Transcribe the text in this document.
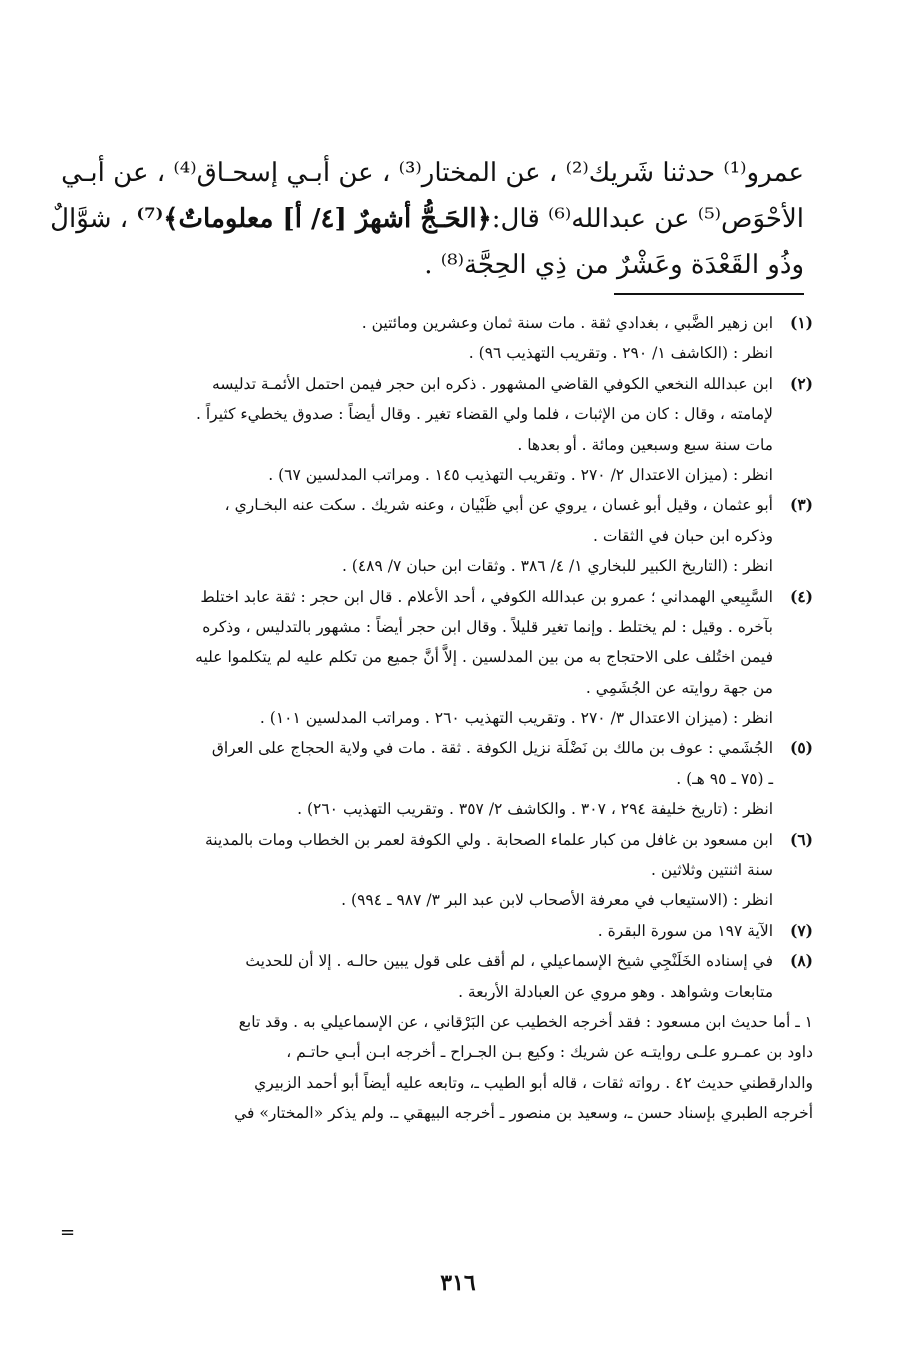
عمرو⁽¹⁾ حدثنا شَريك⁽²⁾ ، عن المختار⁽³⁾ ، عن أبـي إسحـاق⁽⁴⁾ ، عن أبـي
الأحْوَص⁽⁵⁾ عن عبدالله⁽⁶⁾ قال:﴿الحَـجُّ أشهرٌ [٤/ أ] معلوماتٌ﴾⁽⁷⁾ ، شوَّالٌ
وذُو القَعْدَة وعَشْرٌ من ذِي الحِجَّة⁽⁸⁾ .
(١)ابن زهير الضَّبي ، بغدادي ثقة . مات سنة ثمان وعشرين ومائتين .
انظر : (الكاشف ١/ ٢٩٠ . وتقريب التهذيب ٩٦) .
(٢)ابن عبدالله النخعي الكوفي القاضي المشهور . ذكره ابن حجر فيمن احتمل الأئمـة تدليسه
لإمامته ، وقال : كان من الإثبات ، فلما ولي القضاء تغير . وقال أيضاً : صدوق يخطيء كثيراً .
مات سنة سبع وسبعين ومائة . أو بعدها .
انظر : (ميزان الاعتدال ٢/ ٢٧٠ . وتقريب التهذيب ١٤٥ . ومراتب المدلسين ٦٧) .
(٣)أبو عثمان ، وقيل أبو غسان ، يروي عن أبي ظَبْيان ، وعنه شريك . سكت عنه البخـاري ،
وذكره ابن حبان في الثقات .
انظر : (التاريخ الكبير للبخاري ١/ ٤/ ٣٨٦ . وثقات ابن حبان ٧/ ٤٨٩) .
(٤)السَّبِيعي الهمداني ؛ عمرو بن عبدالله الكوفي ، أحد الأعلام . قال ابن حجر : ثقة عابد اختلط
بآخره . وقيل : لم يختلط . وإنما تغير قليلاً . وقال ابن حجر أيضاً : مشهور بالتدليس ، وذكره
فيمن اختُلف على الاحتجاج به من بين المدلسين . إلاَّ أنَّ جميع من تكلم عليه لم يتكلموا عليه
من جهة روايته عن الجُشَمِي .
انظر : (ميزان الاعتدال ٣/ ٢٧٠ . وتقريب التهذيب ٢٦٠ . ومراتب المدلسين ١٠١) .
(٥)الجُشَمي : عوف بن مالك بن نَضْلَة نزيل الكوفة . ثقة . مات في ولاية الحجاج على العراق
ـ (٧٥ ـ ٩٥ هـ) .
انظر : (تاريخ خليفة ٢٩٤ ، ٣٠٧ . والكاشف ٢/ ٣٥٧ . وتقريب التهذيب ٢٦٠) .
(٦)ابن مسعود بن غافل من كبار علماء الصحابة . ولي الكوفة لعمر بن الخطاب ومات بالمدينة
سنة اثنتين وثلاثين .
انظر : (الاستيعاب في معرفة الأصحاب لابن عبد البر ٣/ ٩٨٧ ـ ٩٩٤) .
(٧)الآية ١٩٧ من سورة البقرة .
(٨)في إسناده الخَلَنْجِي شيخ الإسماعيلي ، لم أقف على قول يبين حالـه . إلا أن للحديث
متابعات وشواهد . وهو مروي عن العبادلة الأربعة .
١ ـ أما حديث ابن مسعود : فقد أخرجه الخطيب عن البَرْقاني ، عن الإسماعيلي به . وقد تابع
داود بن عمـرو علـى روايتـه عن شريك : وكيع بـن الجـراح ـ أخرجه ابـن أبـي حاتـم ،
والدارقطني حديث ٤٢ . رواته ثقات ، قاله أبو الطيب ـ، وتابعه عليه أيضاً أبو أحمد الزبيري
أخرجه الطبري بإسناد حسن ـ، وسعيد بن منصور ـ أخرجه البيهقي ـ. ولم يذكر «المختار» في
=
٣١٦
